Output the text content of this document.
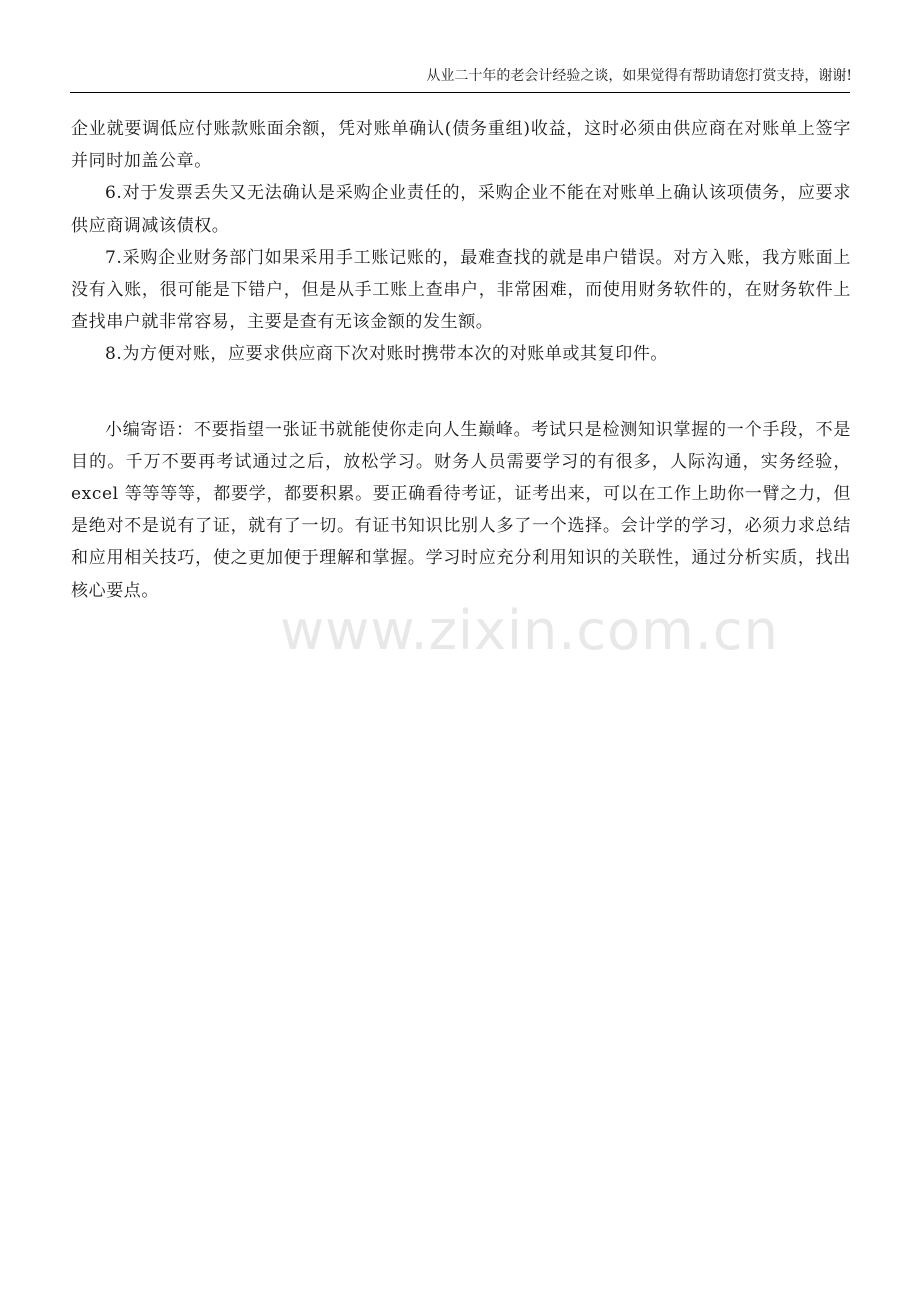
从业二十年的老会计经验之谈，如果觉得有帮助请您打赏支持，谢谢!

企业就要调低应付账款账面余额，凭对账单确认(债务重组)收益，这时必须由供应商在对账单上签字并同时加盖公章。

6.对于发票丢失又无法确认是采购企业责任的，采购企业不能在对账单上确认该项债务，应要求供应商调减该债权。

7.采购企业财务部门如果采用手工账记账的，最难查找的就是串户错误。对方入账，我方账面上没有入账，很可能是下错户，但是从手工账上查串户，非常困难，而使用财务软件的，在财务软件上查找串户就非常容易，主要是查有无该金额的发生额。

8.为方便对账，应要求供应商下次对账时携带本次的对账单或其复印件。

小编寄语：不要指望一张证书就能使你走向人生巅峰。考试只是检测知识掌握的一个手段，不是目的。千万不要再考试通过之后，放松学习。财务人员需要学习的有很多，人际沟通，实务经验，excel 等等等等，都要学，都要积累。要正确看待考证，证考出来，可以在工作上助你一臂之力，但是绝对不是说有了证，就有了一切。有证书知识比别人多了一个选择。会计学的学习，必须力求总结和应用相关技巧，使之更加便于理解和掌握。学习时应充分利用知识的关联性，通过分析实质，找出核心要点。

www.zixin.com.cn
